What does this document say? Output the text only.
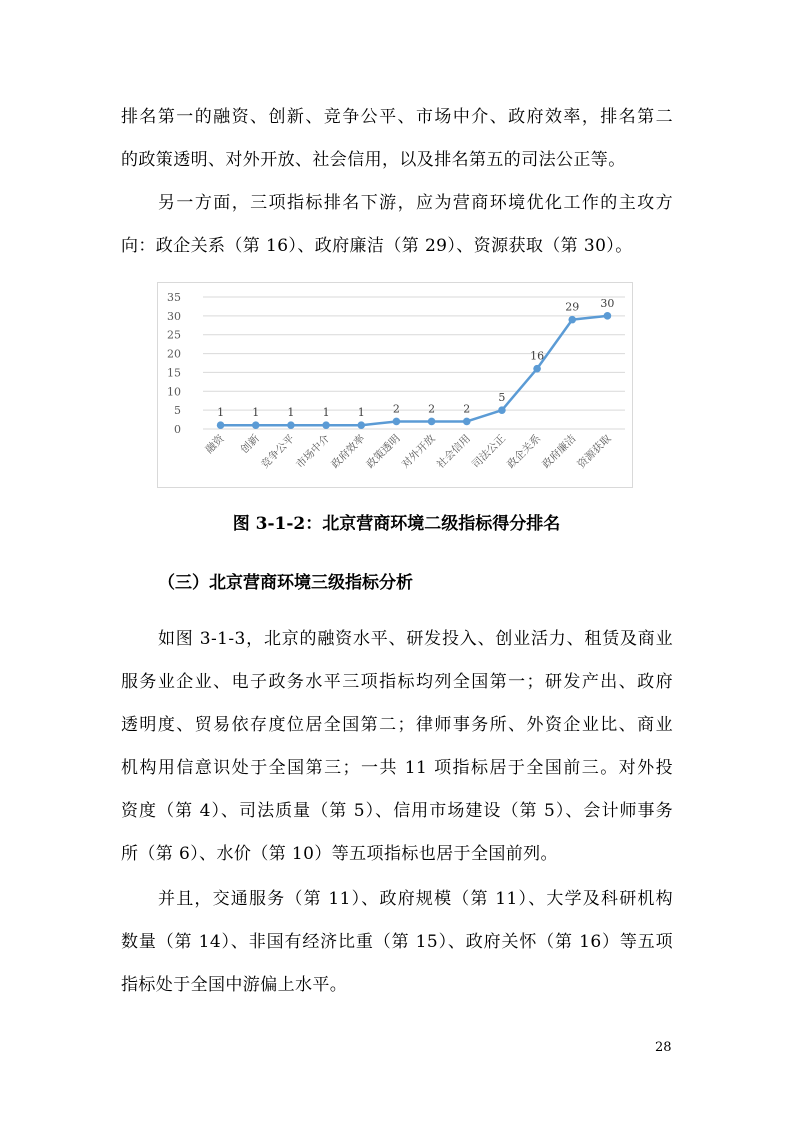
排名第一的融资、创新、竞争公平、市场中介、政府效率，排名第二
的政策透明、对外开放、社会信用，以及排名第五的司法公正等。
另一方面，三项指标排名下游，应为营商环境优化工作的主攻方
向：政企关系（第 16）、政府廉洁（第 29）、资源获取（第 30）。
0
5
10
15
20
25
30
35
1	1	1	1	1	2	2	2
5
16
29 30
融资 创新
竞争公平
市场中介
政府效率
政策透明
对外开放
社会信用
司法公正
政企关系
政府廉洁
资源获取

图 3-1-2：北京营商环境二级指标得分排名

（三）北京营商环境三级指标分析

如图 3-1-3，北京的融资水平、研发投入、创业活力、租赁及商业
服务业企业、电子政务水平三项指标均列全国第一；研发产出、政府
透明度、贸易依存度位居全国第二；律师事务所、外资企业比、商业
机构用信意识处于全国第三；一共 11 项指标居于全国前三。对外投
资度（第 4）、司法质量（第 5）、信用市场建设（第 5）、会计师事务
所（第 6）、水价（第 10）等五项指标也居于全国前列。
并且，交通服务（第 11）、政府规模（第 11）、大学及科研机构
数量（第 14）、非国有经济比重（第 15）、政府关怀（第 16）等五项
指标处于全国中游偏上水平。
28
